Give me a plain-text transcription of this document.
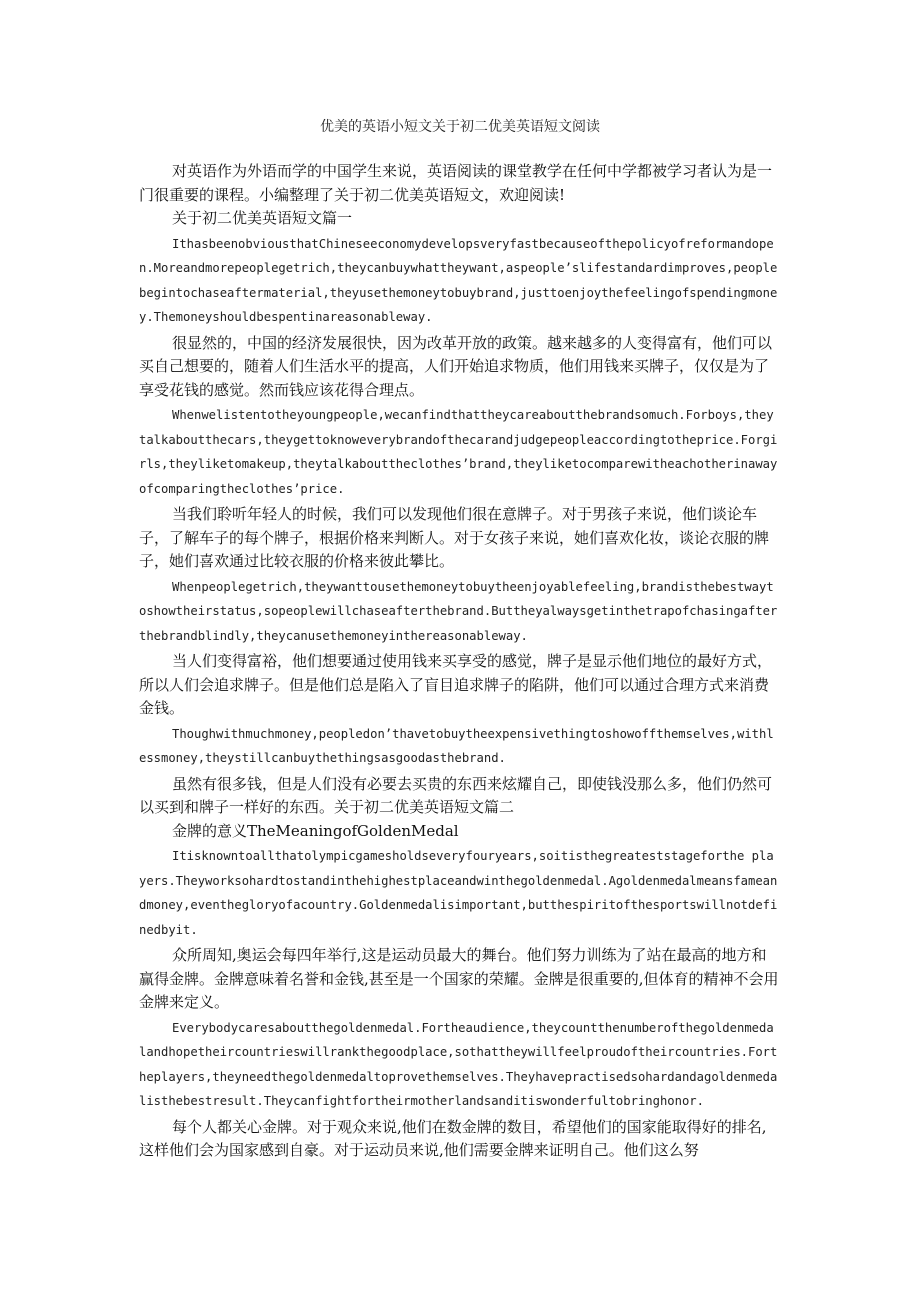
优美的英语小短文关于初二优美英语短文阅读

对英语作为外语而学的中国学生来说，英语阅读的课堂教学在任何中学都被学习者认为是一门很重要的课程。小编整理了关于初二优美英语短文，欢迎阅读!

关于初二优美英语短文篇一

IthasbeenobviousthatChineseeconomydevelopsveryfastbecauseofthepolicyofreformandopen.Moreandmorepeoplegetrich,theycanbuywhattheywant,aspeople’slifestandardimproves,peoplebegintochaseaftermaterial,theyusethemoneytobuybrand,justtoenjoythefeelingofspendingmoney.Themoneyshouldbespentinareasonableway.

很显然的，中国的经济发展很快，因为改革开放的政策。越来越多的人变得富有，他们可以买自己想要的，随着人们生活水平的提高，人们开始追求物质，他们用钱来买牌子，仅仅是为了享受花钱的感觉。然而钱应该花得合理点。

Whenwelistentotheyoungpeople,wecanfindthattheycareaboutthebrandsomuch.Forboys,theytalkaboutthecars,theygettoknoweverybrandofthecarandjudgepeopleaccordingtotheprice.Forgirls,theyliketomakeup,theytalkabouttheclothes’brand,theyliketocomparewitheachotherinawayofcomparingtheclothes’price.

当我们聆听年轻人的时候，我们可以发现他们很在意牌子。对于男孩子来说，他们谈论车子，了解车子的每个牌子，根据价格来判断人。对于女孩子来说，她们喜欢化妆，谈论衣服的牌子，她们喜欢通过比较衣服的价格来彼此攀比。

Whenpeoplegetrich,theywanttousethemoneytobuytheenjoyablefeeling,brandisthebestwaytoshowtheirstatus,sopeoplewillchaseafterthebrand.Buttheyalwaysgetinthetrapofchasingafterthebrandblindly,theycanusethemoneyinthereasonableway.

当人们变得富裕，他们想要通过使用钱来买享受的感觉，牌子是显示他们地位的最好方式，所以人们会追求牌子。但是他们总是陷入了盲目追求牌子的陷阱，他们可以通过合理方式来消费金钱。

Thoughwithmuchmoney,peopledon’thavetobuytheexpensivethingtoshowoffthemselves,withlessmoney,theystillcanbuythethingsasgoodasthebrand.

虽然有很多钱，但是人们没有必要去买贵的东西来炫耀自己，即使钱没那么多，他们仍然可以买到和牌子一样好的东西。关于初二优美英语短文篇二

金牌的意义TheMeaningofGoldenMedal

Itisknowntoallthatolympicgamesholdseveryfouryears,soitisthegreateststageforthe players.Theyworksohardtostandinthehighestplaceandwinthegoldenmedal.Agoldenmedalmeansfameandmoney,eventhegloryofacountry.Goldenmedalisimportant,butthespiritofthesportswillnotdefinedbyit.

众所周知,奥运会每四年举行,这是运动员最大的舞台。他们努力训练为了站在最高的地方和赢得金牌。金牌意味着名誉和金钱,甚至是一个国家的荣耀。金牌是很重要的,但体育的精神不会用金牌来定义。

Everybodycaresaboutthegoldenmedal.Fortheaudience,theycountthenumberofthegoldenmedalandhopetheircountrieswillrankthegoodplace,sothattheywillfeelproudoftheircountries.Fortheplayers,theyneedthegoldenmedaltoprovethemselves.Theyhavepractisedsohardandagoldenmedalisthebestresult.Theycanfightfortheirmotherlandsanditiswonderfultobringhonor.

每个人都关心金牌。对于观众来说,他们在数金牌的数目，希望他们的国家能取得好的排名,这样他们会为国家感到自豪。对于运动员来说,他们需要金牌来证明自己。他们这么努
